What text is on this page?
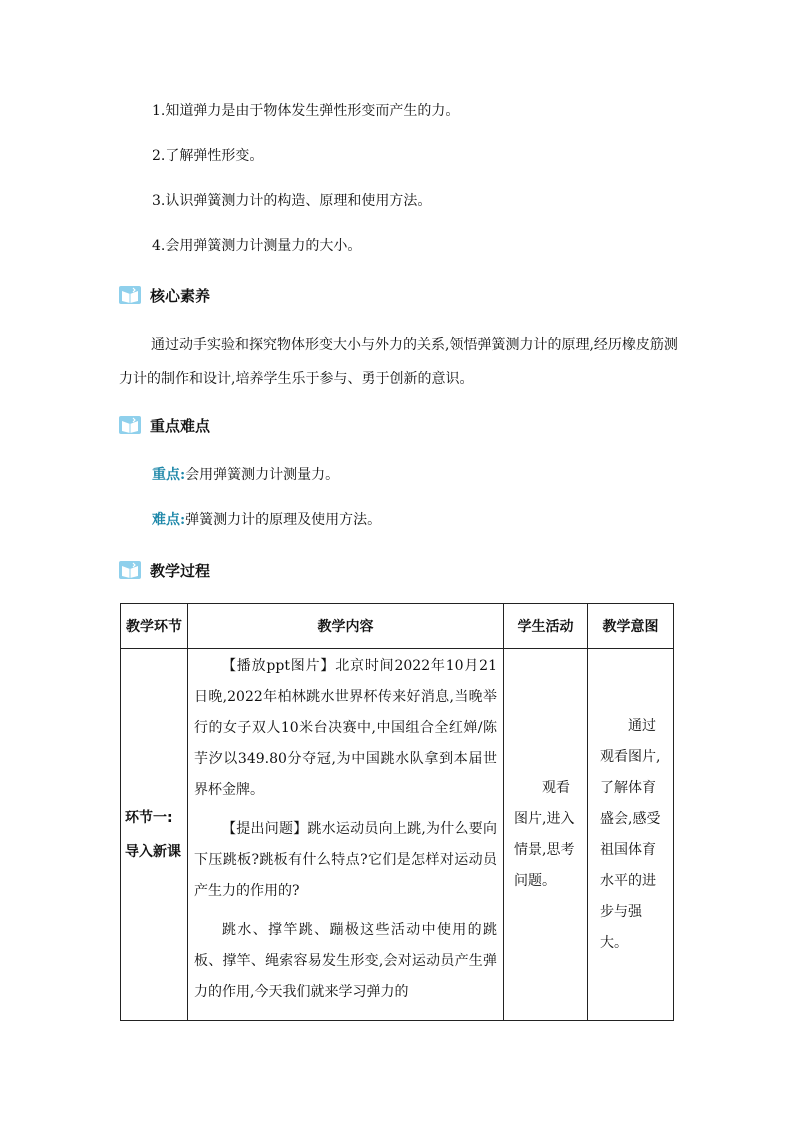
1.知道弹力是由于物体发生弹性形变而产生的力。
2.了解弹性形变。
3.认识弹簧测力计的构造、原理和使用方法。
4.会用弹簧测力计测量力的大小。
核心素养
通过动手实验和探究物体形变大小与外力的关系,领悟弹簧测力计的原理,经历橡皮筋测力计的制作和设计,培养学生乐于参与、勇于创新的意识。
重点难点
重点:会用弹簧测力计测量力。
难点:弹簧测力计的原理及使用方法。
教学过程
教学环节	教学内容	学生活动	教学意图
环节一:导入新课	【播放ppt图片】北京时间2022年10月21日晚,2022年柏林跳水世界杯传来好消息,当晚举行的女子双人10米台决赛中,中国组合全红婵/陈芋汐以349.80分夺冠,为中国跳水队拿到本届世界杯金牌。

【提出问题】跳水运动员向上跳,为什么要向下压跳板?跳板有什么特点?它们是怎样对运动员产生力的作用的?

跳水、撑竿跳、蹦极这些活动中使用的跳板、撑竿、绳索容易发生形变,会对运动员产生弹力的作用,今天我们就来学习弹力的	观看图片,进入情景,思考问题。	通过观看图片,了解体育盛会,感受祖国体育水平的进步与强大。
